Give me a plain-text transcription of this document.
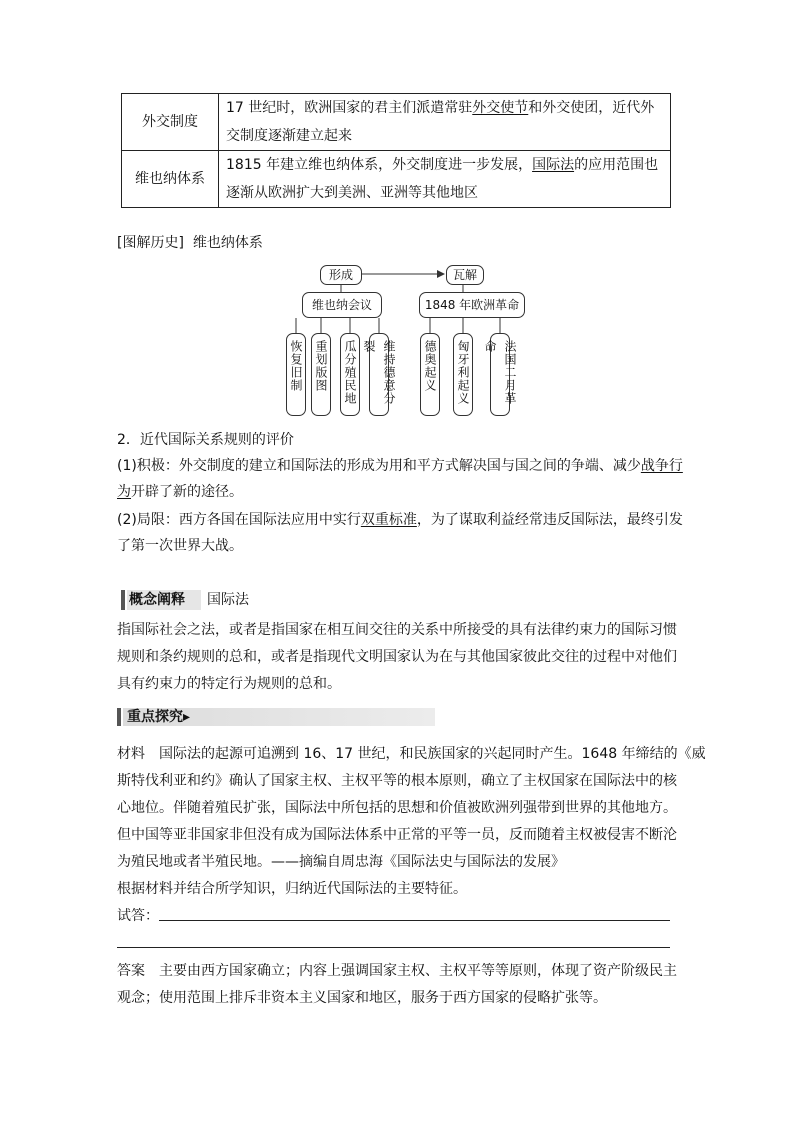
外交制度	17 世纪时，欧洲国家的君主们派遣常驻外交使节和外交使团，近代外交制度逐渐建立起来
维也纳体系	1815 年建立维也纳体系，外交制度进一步发展，国际法的应用范围也逐渐从欧洲扩大到美洲、亚洲等其他地区
[图解历史] 维也纳体系
形成	瓦解
维也纳会议	1848 年欧洲革命
恢复旧制 重划版图 瓜分殖民地	维持德意分裂	德奥起义 匈牙利起义	法国二月革命
2．近代国际关系规则的评价
(1)积极：外交制度的建立和国际法的形成为用和平方式解决国与国之间的争端、减少战争行
为开辟了新的途径。
(2)局限：西方各国在国际法应用中实行双重标准，为了谋取利益经常违反国际法，最终引发
了第一次世界大战。
概念阐释	国际法
指国际社会之法，或者是指国家在相互间交往的关系中所接受的具有法律约束力的国际习惯
规则和条约规则的总和，或者是指现代文明国家认为在与其他国家彼此交往的过程中对他们
具有约束力的特定行为规则的总和。
重点探究▸
材料　国际法的起源可追溯到 16、17 世纪，和民族国家的兴起同时产生。1648 年缔结的《威
斯特伐利亚和约》确认了国家主权、主权平等的根本原则，确立了主权国家在国际法中的核
心地位。伴随着殖民扩张，国际法中所包括的思想和价值被欧洲列强带到世界的其他地方。
但中国等亚非国家非但没有成为国际法体系中正常的平等一员，反而随着主权被侵害不断沦
为殖民地或者半殖民地。——摘编自周忠海《国际法史与国际法的发展》
根据材料并结合所学知识，归纳近代国际法的主要特征。
试答：
答案　主要由西方国家确立；内容上强调国家主权、主权平等等原则，体现了资产阶级民主
观念；使用范围上排斥非资本主义国家和地区，服务于西方国家的侵略扩张等。
